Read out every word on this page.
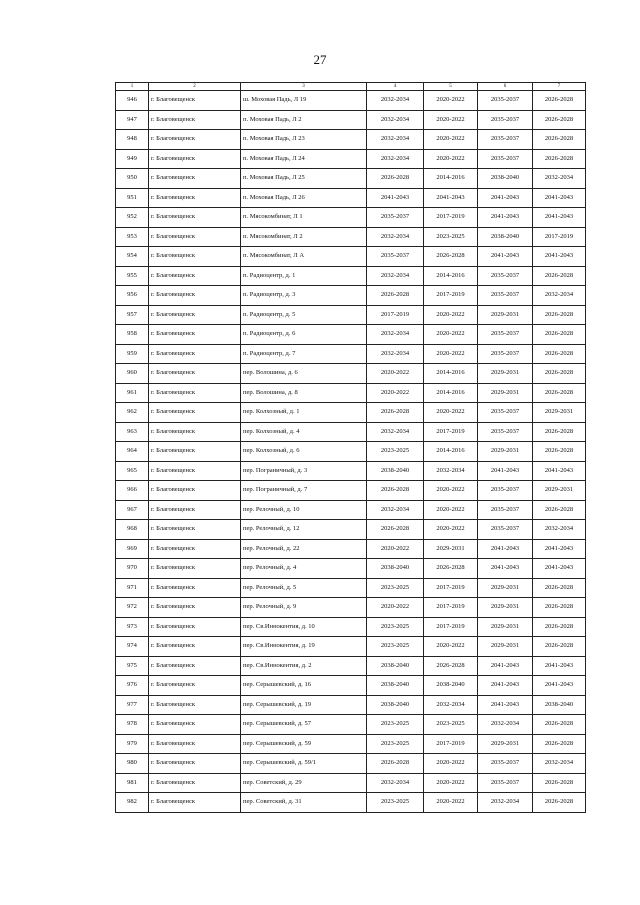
27
1	2	3	4	5	6	7
946	г. Благовещенск	ш. Моховая Падь, Л 19	2032-2034	2020-2022	2035-2037	2026-2028
947	г. Благовещенск	п. Моховая Падь, Л 2	2032-2034	2020-2022	2035-2037	2026-2028
948	г. Благовещенск	п. Моховая Падь, Л 23	2032-2034	2020-2022	2035-2037	2026-2028
949	г. Благовещенск	п. Моховая Падь, Л 24	2032-2034	2020-2022	2035-2037	2026-2028
950	г. Благовещенск	п. Моховая Падь, Л 25	2026-2028	2014-2016	2038-2040	2032-2034
951	г. Благовещенск	п. Моховая Падь, Л 26	2041-2043	2041-2043	2041-2043	2041-2043
952	г. Благовещенск	п. Мясокомбинат, Л 1	2035-2037	2017-2019	2041-2043	2041-2043
953	г. Благовещенск	п. Мясокомбинат, Л 2	2032-2034	2023-2025	2038-2040	2017-2019
954	г. Благовещенск	п. Мясокомбинат, Л А	2035-2037	2026-2028	2041-2043	2041-2043
955	г. Благовещенск	п. Радиоцентр, д. 1	2032-2034	2014-2016	2035-2037	2026-2028
956	г. Благовещенск	п. Радиоцентр, д. 3	2026-2028	2017-2019	2035-2037	2032-2034
957	г. Благовещенск	п. Радиоцентр, д. 5	2017-2019	2020-2022	2029-2031	2026-2028
958	г. Благовещенск	п. Радиоцентр, д. 6	2032-2034	2020-2022	2035-2037	2026-2028
959	г. Благовещенск	п. Радиоцентр, д. 7	2032-2034	2020-2022	2035-2037	2026-2028
960	г. Благовещенск	пер. Волошина, д. 6	2020-2022	2014-2016	2029-2031	2026-2028
961	г. Благовещенск	пер. Волошина, д. 8	2020-2022	2014-2016	2029-2031	2026-2028
962	г. Благовещенск	пер. Колхозный, д. 1	2026-2028	2020-2022	2035-2037	2029-2031
963	г. Благовещенск	пер. Колхозный, д. 4	2032-2034	2017-2019	2035-2037	2026-2028
964	г. Благовещенск	пер. Колхозный, д. 6	2023-2025	2014-2016	2029-2031	2026-2028
965	г. Благовещенск	пер. Пограничный, д. 3	2038-2040	2032-2034	2041-2043	2041-2043
966	г. Благовещенск	пер. Пограничный, д. 7	2026-2028	2020-2022	2035-2037	2029-2031
967	г. Благовещенск	пер. Релочный, д. 10	2032-2034	2020-2022	2035-2037	2026-2028
968	г. Благовещенск	пер. Релочный, д. 12	2026-2028	2020-2022	2035-2037	2032-2034
969	г. Благовещенск	пер. Релочный, д. 22	2020-2022	2029-2031	2041-2043	2041-2043
970	г. Благовещенск	пер. Релочный, д. 4	2038-2040	2026-2028	2041-2043	2041-2043
971	г. Благовещенск	пер. Релочный, д. 5	2023-2025	2017-2019	2029-2031	2026-2028
972	г. Благовещенск	пер. Релочный, д. 9	2020-2022	2017-2019	2029-2031	2026-2028
973	г. Благовещенск	пер. Св.Иннокентия, д. 10	2023-2025	2017-2019	2029-2031	2026-2028
974	г. Благовещенск	пер. Св.Иннокентия, д. 19	2023-2025	2020-2022	2029-2031	2026-2028
975	г. Благовещенск	пер. Св.Иннокентия, д. 2	2038-2040	2026-2028	2041-2043	2041-2043
976	г. Благовещенск	пер. Серышевский, д. 16	2038-2040	2038-2040	2041-2043	2041-2043
977	г. Благовещенск	пер. Серышевский, д. 19	2038-2040	2032-2034	2041-2043	2038-2040
978	г. Благовещенск	пер. Серышевский, д. 57	2023-2025	2023-2025	2032-2034	2026-2028
979	г. Благовещенск	пер. Серышевский, д. 59	2023-2025	2017-2019	2029-2031	2026-2028
980	г. Благовещенск	пер. Серышевский, д. 59/1	2026-2028	2020-2022	2035-2037	2032-2034
981	г. Благовещенск	пер. Советский, д. 29	2032-2034	2020-2022	2035-2037	2026-2028
982	г. Благовещенск	пер. Советский, д. 31	2023-2025	2020-2022	2032-2034	2026-2028
